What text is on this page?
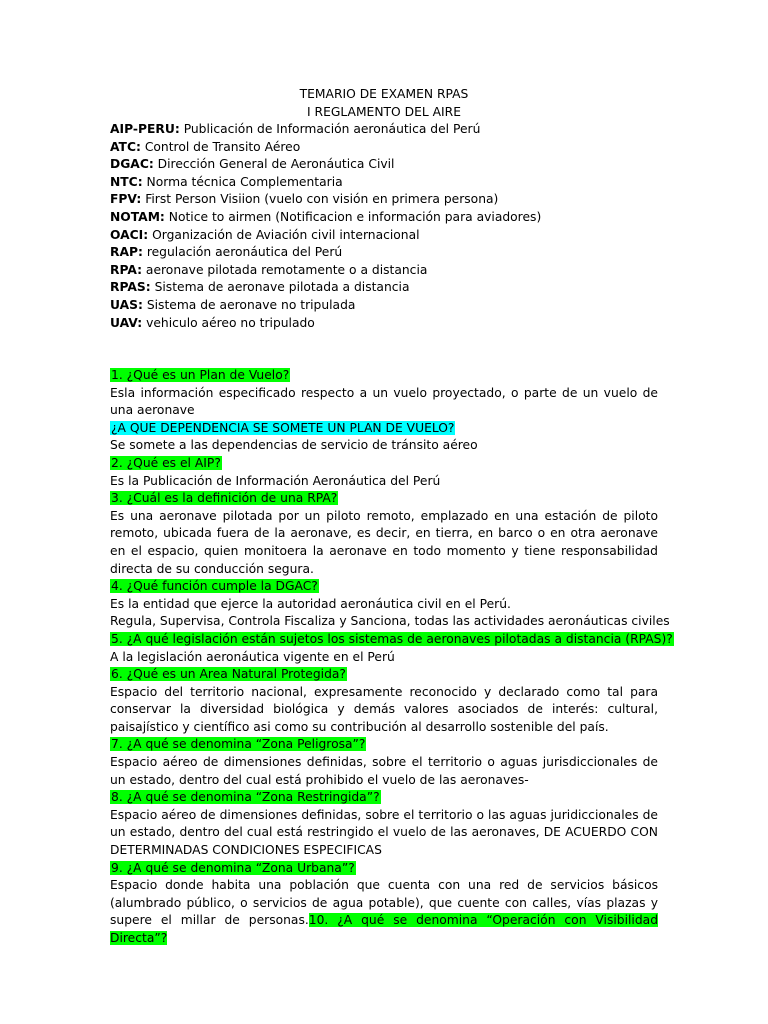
TEMARIO DE EXAMEN RPAS
I REGLAMENTO DEL AIRE
AIP-PERU: Publicación de Información aeronáutica del Perú
ATC: Control de Transito Aéreo
DGAC: Dirección General de Aeronáutica Civil
NTC: Norma técnica Complementaria
FPV: First Person Visiion (vuelo con visión en primera persona)
NOTAM: Notice to airmen (Notificacion e información para aviadores)
OACI: Organización de Aviación civil internacional
RAP: regulación aeronáutica del Perú
RPA: aeronave pilotada remotamente o a distancia
RPAS: Sistema de aeronave pilotada a distancia
UAS: Sistema de aeronave no tripulada
UAV: vehiculo aéreo no tripulado
1. ¿Qué es un Plan de Vuelo?
Esla información especificado respecto a un vuelo proyectado, o parte de un vuelo de una aeronave
¿A QUE DEPENDENCIA SE SOMETE UN PLAN DE VUELO?
Se somete a las dependencias de servicio de tránsito aéreo
2. ¿Qué es el AIP?
Es la Publicación de Información Aeronáutica del Perú
3. ¿Cuál es la definición de una RPA?
Es una aeronave pilotada por un piloto remoto, emplazado en una estación de piloto remoto, ubicada fuera de la aeronave, es decir, en tierra, en barco o en otra aeronave en el espacio, quien monitoera la aeronave en todo momento y tiene responsabilidad directa de su conducción segura.
4. ¿Qué función cumple la DGAC?
Es la entidad que ejerce la autoridad aeronáutica civil en el Perú.
Regula, Supervisa, Controla Fiscaliza y Sanciona, todas las actividades aeronáuticas civiles
5. ¿A qué legislación están sujetos los sistemas de aeronaves pilotadas a distancia (RPAS)?
A la legislación aeronáutica vigente en el Perú
6. ¿Qué es un Area Natural Protegida?
Espacio del territorio nacional, expresamente reconocido y declarado como tal para conservar la diversidad biológica y demás valores asociados de interés: cultural, paisajístico y científico asi como su contribución al desarrollo sostenible del país.
7. ¿A qué se denomina “Zona Peligrosa”?
Espacio aéreo de dimensiones definidas, sobre el territorio o aguas jurisdiccionales de un estado, dentro del cual está prohibido el vuelo de las aeronaves-
8. ¿A qué se denomina “Zona Restringida”?
Espacio aéreo de dimensiones definidas, sobre el territorio o las aguas juridiccionales de un estado, dentro del cual está restringido el vuelo de las aeronaves, DE ACUERDO CON DETERMINADAS CONDICIONES ESPECIFICAS
9. ¿A qué se denomina “Zona Urbana”?
Espacio donde habita una población que cuenta con una red de servicios básicos (alumbrado público, o servicios de agua potable), que cuente con calles, vías plazas y supere el millar de personas.10. ¿A qué se denomina “Operación con Visibilidad Directa”?
